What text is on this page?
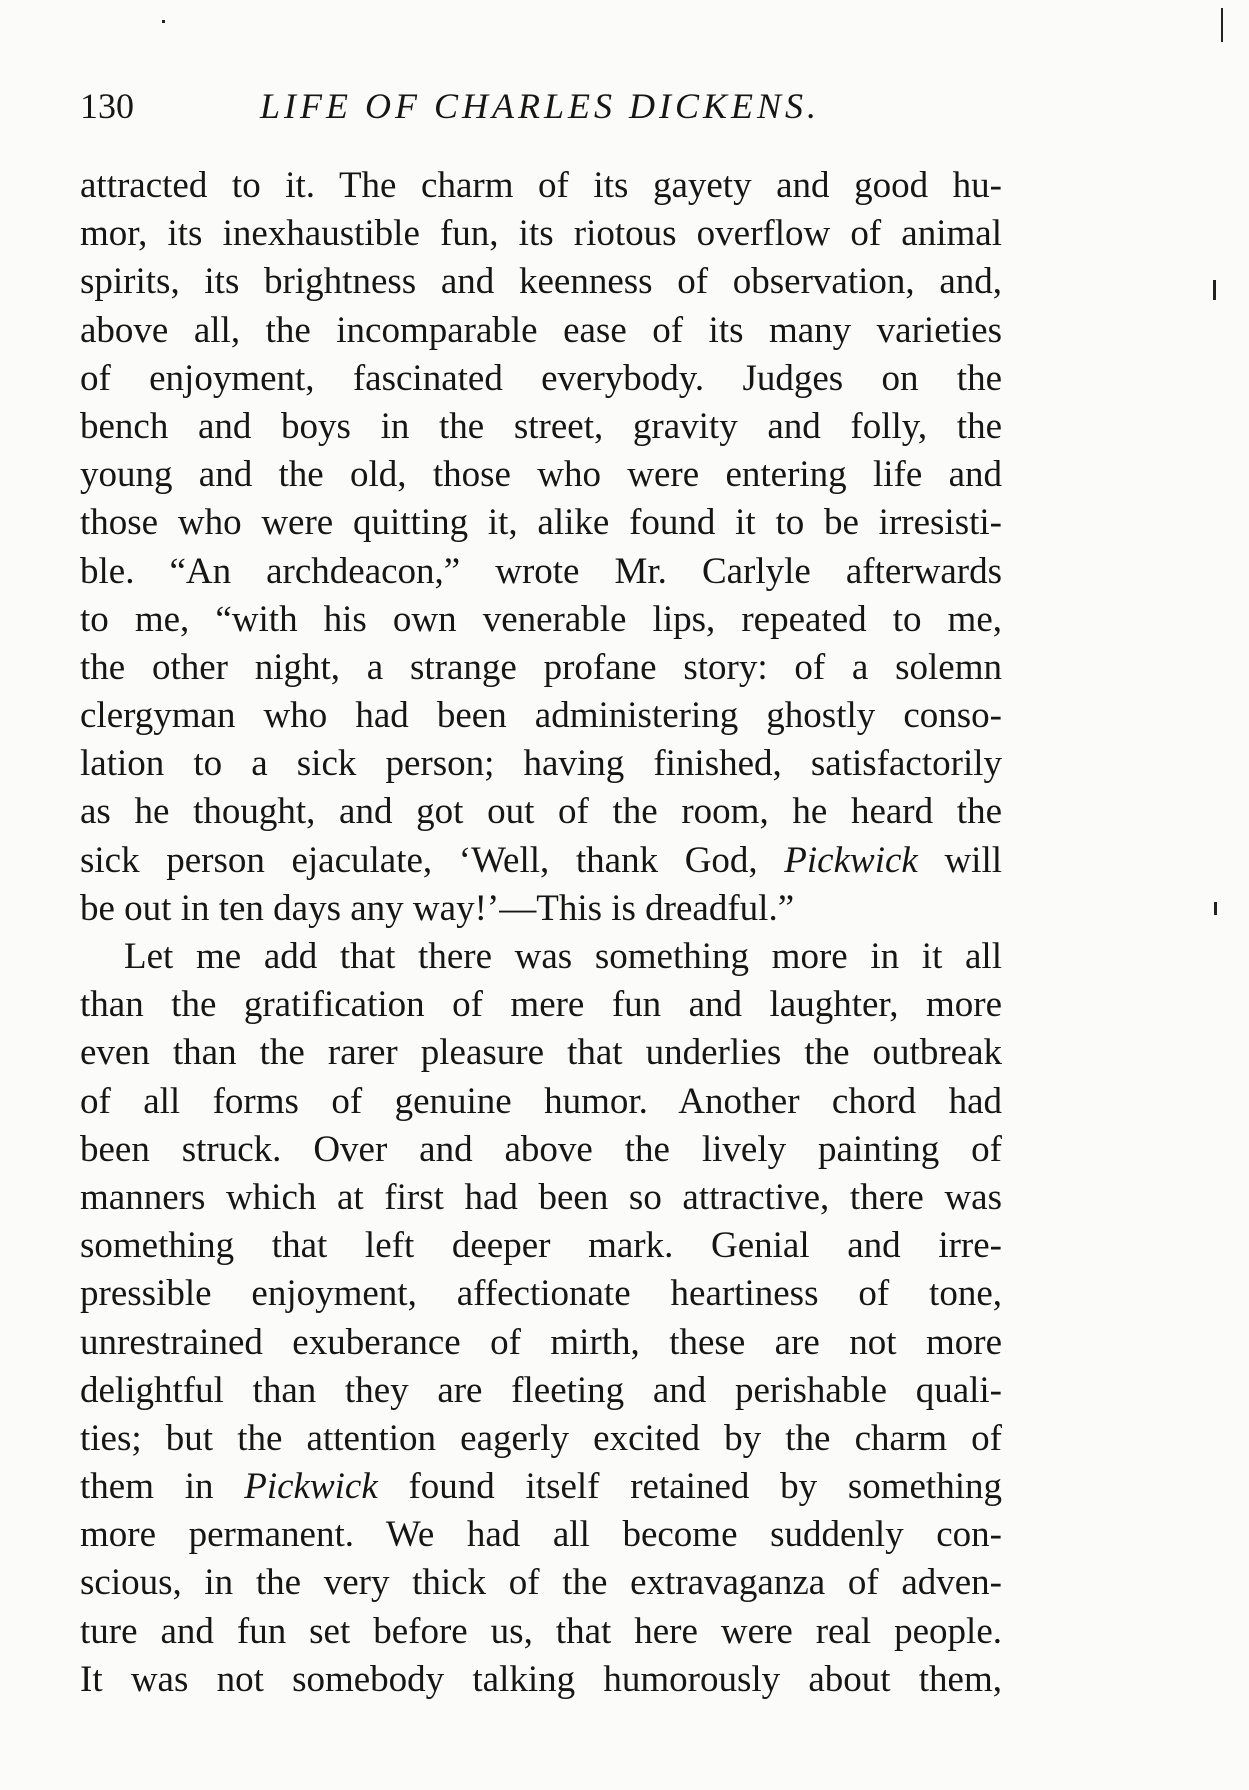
130	LIFE OF CHARLES DICKENS.
attracted to it. The charm of its gayety and good hu-
mor, its inexhaustible fun, its riotous overflow of animal
spirits, its brightness and keenness of observation, and,
above all, the incomparable ease of its many varieties
of enjoyment, fascinated everybody. Judges on the
bench and boys in the street, gravity and folly, the
young and the old, those who were entering life and
those who were quitting it, alike found it to be irresisti-
ble. “An archdeacon,” wrote Mr. Carlyle afterwards
to me, “with his own venerable lips, repeated to me,
the other night, a strange profane story: of a solemn
clergyman who had been administering ghostly conso-
lation to a sick person; having finished, satisfactorily
as he thought, and got out of the room, he heard the
sick person ejaculate, ‘Well, thank God, Pickwick will
be out in ten days any way!’—This is dreadful.”
Let me add that there was something more in it all
than the gratification of mere fun and laughter, more
even than the rarer pleasure that underlies the outbreak
of all forms of genuine humor. Another chord had
been struck. Over and above the lively painting of
manners which at first had been so attractive, there was
something that left deeper mark. Genial and irre-
pressible enjoyment, affectionate heartiness of tone,
unrestrained exuberance of mirth, these are not more
delightful than they are fleeting and perishable quali-
ties; but the attention eagerly excited by the charm of
them in Pickwick found itself retained by something
more permanent. We had all become suddenly con-
scious, in the very thick of the extravaganza of adven-
ture and fun set before us, that here were real people.
It was not somebody talking humorously about them,
